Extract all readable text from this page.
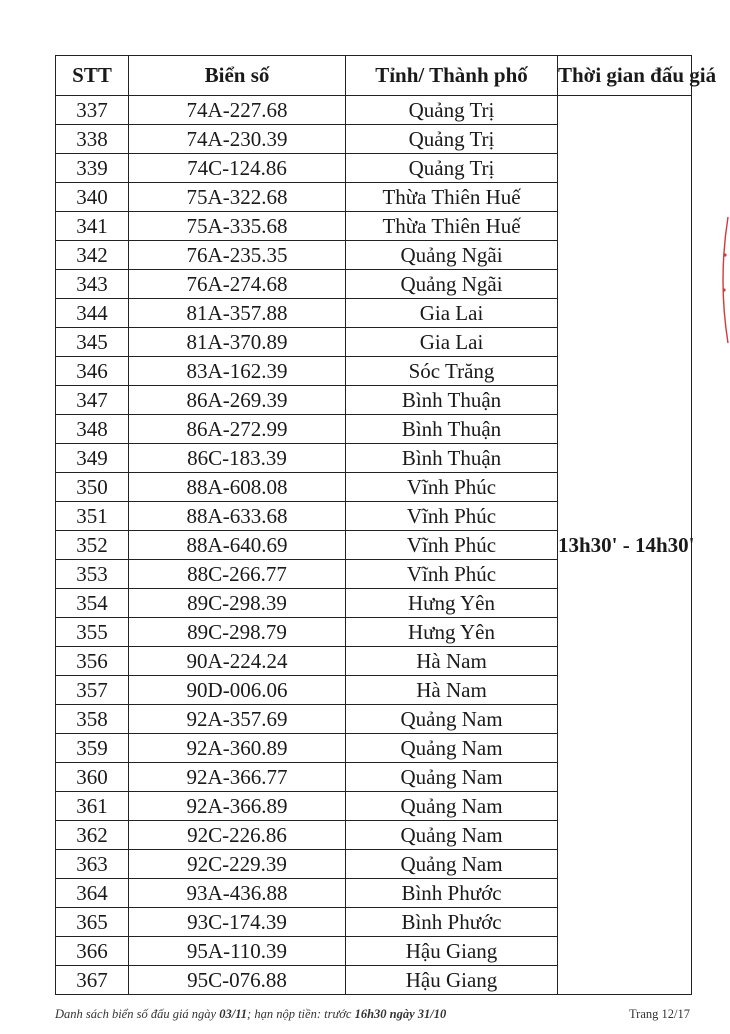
STT	Biển số	Tỉnh/ Thành phố	Thời gian đấu giá
337	74A-227.68	Quảng Trị	13h30' - 14h30'
338	74A-230.39	Quảng Trị	
339	74C-124.86	Quảng Trị	
340	75A-322.68	Thừa Thiên Huế	
341	75A-335.68	Thừa Thiên Huế	
342	76A-235.35	Quảng Ngãi	
343	76A-274.68	Quảng Ngãi	
344	81A-357.88	Gia Lai	
345	81A-370.89	Gia Lai	
346	83A-162.39	Sóc Trăng	
347	86A-269.39	Bình Thuận	
348	86A-272.99	Bình Thuận	
349	86C-183.39	Bình Thuận	
350	88A-608.08	Vĩnh Phúc	
351	88A-633.68	Vĩnh Phúc	
352	88A-640.69	Vĩnh Phúc	
353	88C-266.77	Vĩnh Phúc	
354	89C-298.39	Hưng Yên	
355	89C-298.79	Hưng Yên	
356	90A-224.24	Hà Nam	
357	90D-006.06	Hà Nam	
358	92A-357.69	Quảng Nam	
359	92A-360.89	Quảng Nam	
360	92A-366.77	Quảng Nam	
361	92A-366.89	Quảng Nam	
362	92C-226.86	Quảng Nam	
363	92C-229.39	Quảng Nam	
364	93A-436.88	Bình Phước	
365	93C-174.39	Bình Phước	
366	95A-110.39	Hậu Giang	
367	95C-076.88	Hậu Giang	
Danh sách biển số đấu giá ngày 03/11; hạn nộp tiền: trước 16h30 ngày 31/10	Trang 12/17
